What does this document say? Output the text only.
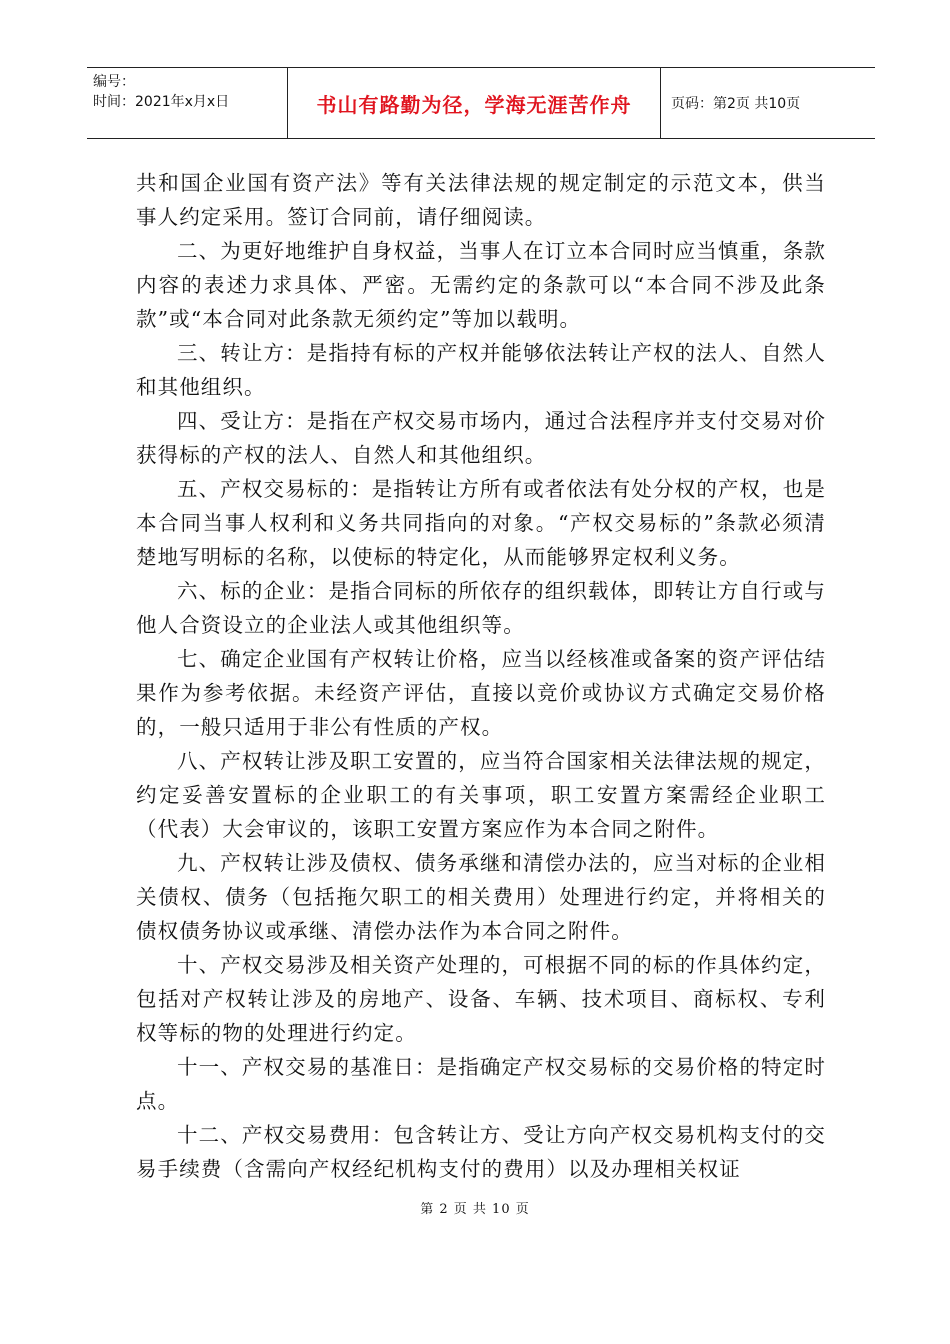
编号：
时间：2021年x月x日	书山有路勤为径，学海无涯苦作舟	页码：第2页 共10页

共和国企业国有资产法》等有关法律法规的规定制定的示范文本，供当事人约定采用。签订合同前，请仔细阅读。

二、为更好地维护自身权益，当事人在订立本合同时应当慎重，条款内容的表述力求具体、严密。无需约定的条款可以“本合同不涉及此条款”或“本合同对此条款无须约定”等加以载明。

三、转让方：是指持有标的产权并能够依法转让产权的法人、自然人和其他组织。

四、受让方：是指在产权交易市场内，通过合法程序并支付交易对价获得标的产权的法人、自然人和其他组织。

五、产权交易标的：是指转让方所有或者依法有处分权的产权，也是本合同当事人权利和义务共同指向的对象。“产权交易标的”条款必须清楚地写明标的名称，以使标的特定化，从而能够界定权利义务。

六、标的企业：是指合同标的所依存的组织载体，即转让方自行或与他人合资设立的企业法人或其他组织等。

七、确定企业国有产权转让价格，应当以经核准或备案的资产评估结果作为参考依据。未经资产评估，直接以竞价或协议方式确定交易价格的，一般只适用于非公有性质的产权。

八、产权转让涉及职工安置的，应当符合国家相关法律法规的规定，约定妥善安置标的企业职工的有关事项，职工安置方案需经企业职工（代表）大会审议的，该职工安置方案应作为本合同之附件。

九、产权转让涉及债权、债务承继和清偿办法的，应当对标的企业相关债权、债务（包括拖欠职工的相关费用）处理进行约定，并将相关的债权债务协议或承继、清偿办法作为本合同之附件。

十、产权交易涉及相关资产处理的，可根据不同的标的作具体约定，包括对产权转让涉及的房地产、设备、车辆、技术项目、商标权、专利权等标的物的处理进行约定。

十一、产权交易的基准日：是指确定产权交易标的交易价格的特定时点。

十二、产权交易费用：包含转让方、受让方向产权交易机构支付的交易手续费（含需向产权经纪机构支付的费用）以及办理相关权证

第 2 页 共 10 页
